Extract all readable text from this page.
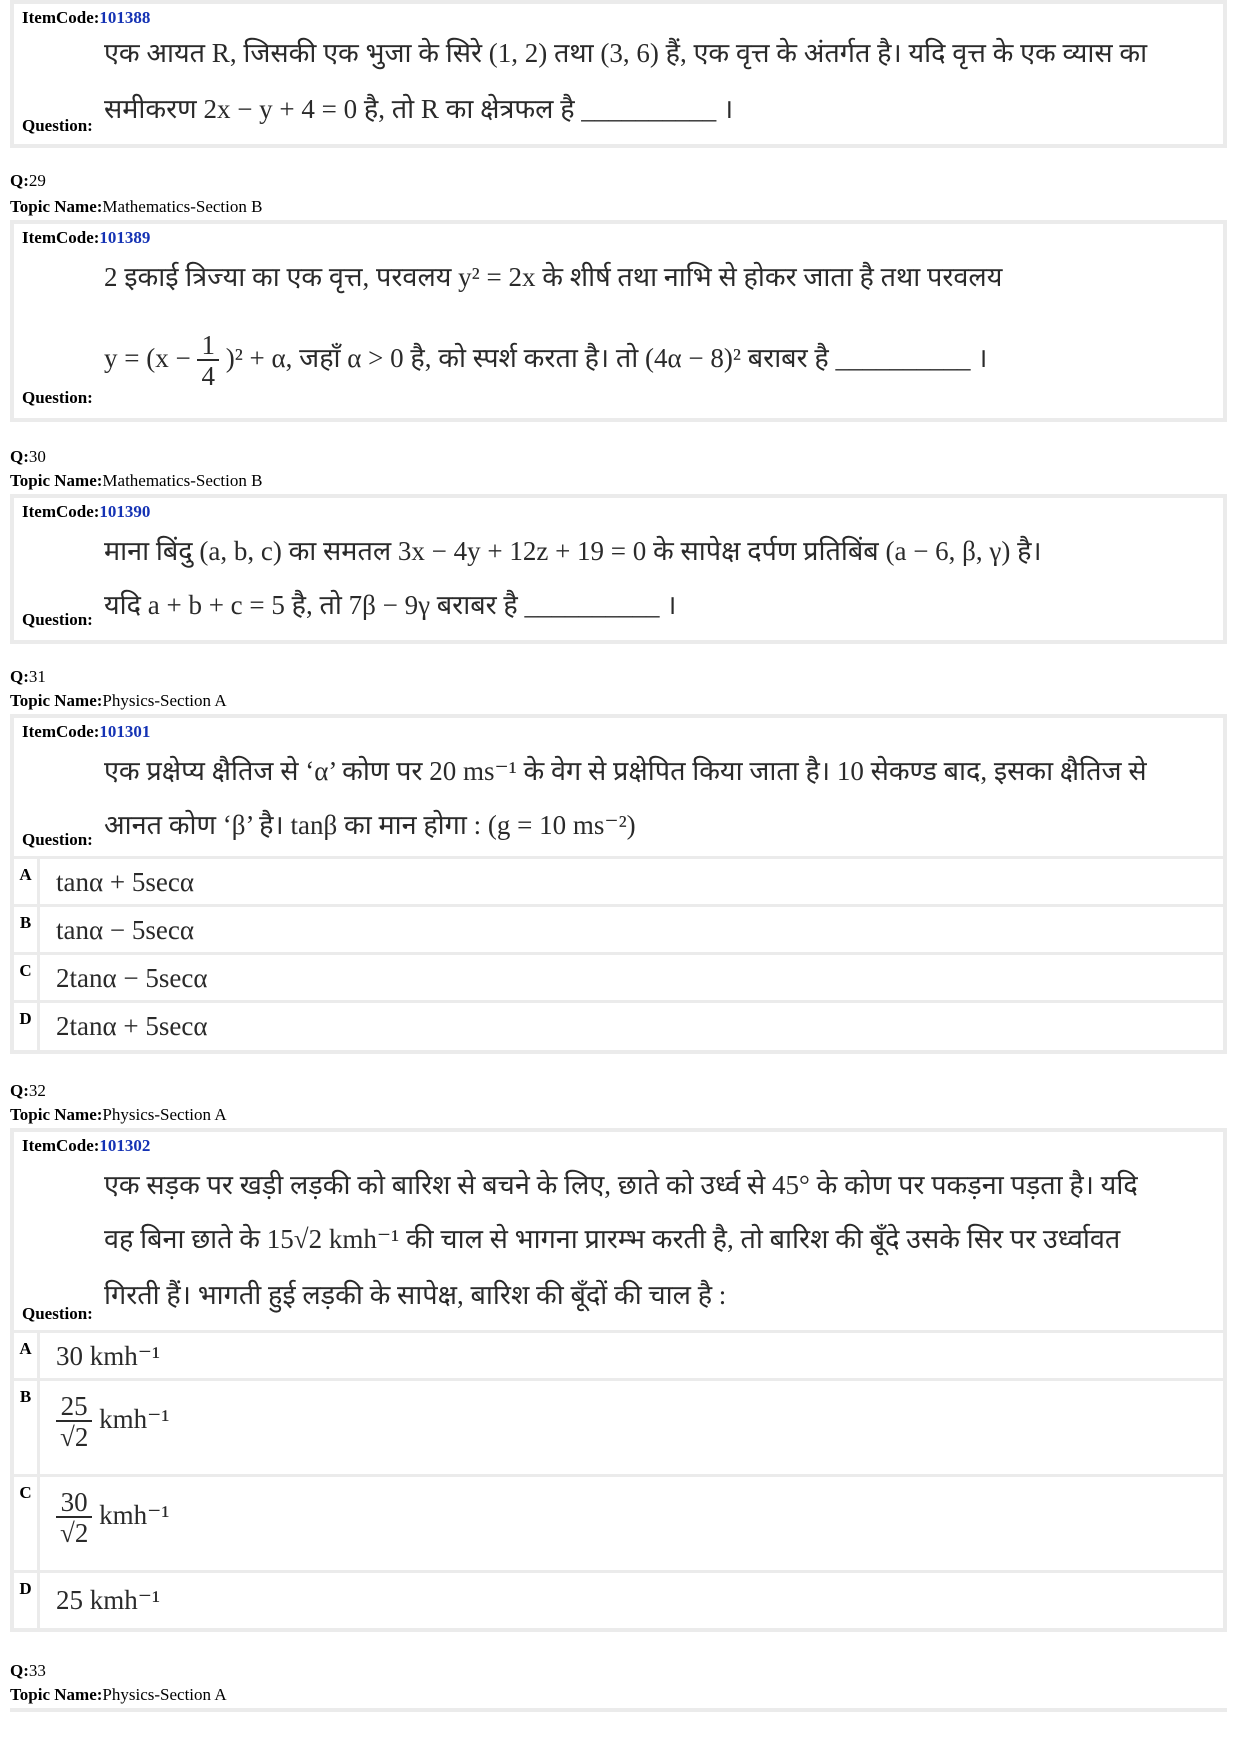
ItemCode:101388
एक आयत R, जिसकी एक भुजा के सिरे (1, 2) तथा (3, 6) हैं, एक वृत्त के अंतर्गत है। यदि वृत्त के एक व्यास का
समीकरण 2x − y + 4 = 0 है, तो R का क्षेत्रफल है __________ ।
Question:
Q:29
Topic Name:Mathematics-Section B
ItemCode:101389
2 इकाई त्रिज्या का एक वृत्त, परवलय y² = 2x के शीर्ष तथा नाभि से होकर जाता है तथा परवलय
$y = (x - \frac{1}{4} )^2 + \alpha$, जहाँ α > 0 है, को स्पर्श करता है। तो (4α − 8)² बराबर है __________ ।
Question:
Q:30
Topic Name:Mathematics-Section B
ItemCode:101390
माना बिंदु (a, b, c) का समतल 3x − 4y + 12z + 19 = 0 के सापेक्ष दर्पण प्रतिबिंब (a − 6, β, γ) है।
यदि a + b + c = 5 है, तो 7β − 9γ बराबर है __________ ।
Question:
Q:31
Topic Name:Physics-Section A
ItemCode:101301
एक प्रक्षेप्य क्षैतिज से ‘α’ कोण पर 20 ms⁻¹ के वेग से प्रक्षेपित किया जाता है। 10 सेकण्ड बाद, इसका क्षैतिज से
आनत कोण ‘β’ है। tanβ का मान होगा : (g = 10 ms⁻²)
Question:
A tanα + 5secα
B tanα − 5secα
C 2tanα − 5secα
D 2tanα + 5secα
Q:32
Topic Name:Physics-Section A
ItemCode:101302
एक सड़क पर खड़ी लड़की को बारिश से बचने के लिए, छाते को उर्ध्व से 45° के कोण पर पकड़ना पड़ता है। यदि
वह बिना छाते के 15√2 kmh⁻¹ की चाल से भागना प्रारम्भ करती है, तो बारिश की बूँदे उसके सिर पर उर्ध्वावत
गिरती हैं। भागती हुई लड़की के सापेक्ष, बारिश की बूँदों की चाल है :
Question:
A 30 kmh⁻¹
B $\frac{25}{√2} kmh^{-1}$
C $\frac{30}{√2} kmh^{-1}$
D 25 kmh⁻¹
Q:33
Topic Name:Physics-Section A
